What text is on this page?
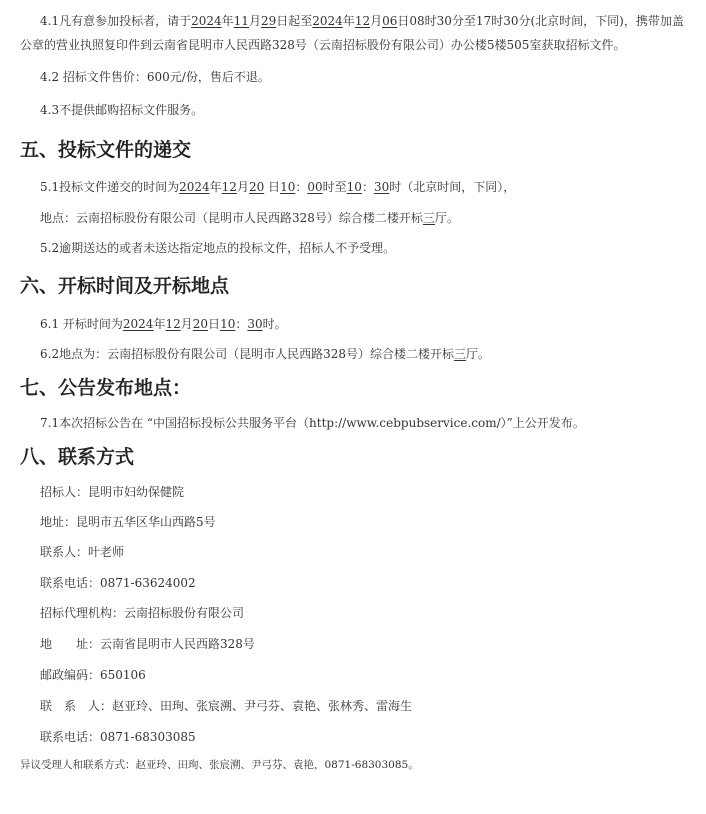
4.1凡有意参加投标者，请于2024年11月29日起至2024年12月06日08时30分至17时30分(北京时间，下同)，携带加盖公章的营业执照复印件到云南省昆明市人民西路328号（云南招标股份有限公司）办公楼5楼505室获取招标文件。

4.2 招标文件售价：600元/份，售后不退。

4.3不提供邮购招标文件服务。

五、投标文件的递交

5.1投标文件递交的时间为2024年12月20 日10：00时至10：30时（北京时间，下同），

地点：云南招标股份有限公司（昆明市人民西路328号）综合楼二楼开标三厅。

5.2逾期送达的或者未送达指定地点的投标文件，招标人不予受理。

六、开标时间及开标地点

6.1 开标时间为2024年12月20日10：30时。

6.2地点为：云南招标股份有限公司（昆明市人民西路328号）综合楼二楼开标三厅。

七、公告发布地点：

7.1本次招标公告在 “中国招标投标公共服务平台（http://www.cebpubservice.com/）”上公开发布。

八、联系方式

招标人：昆明市妇幼保健院

地址：昆明市五华区华山西路5号

联系人：叶老师

联系电话：0871-63624002

招标代理机构：云南招标股份有限公司

地　　址：云南省昆明市人民西路328号

邮政编码：650106

联　系　人：赵亚玲、田珣、张宸溯、尹弓芬、袁艳、张林秀、雷海生

联系电话：0871-68303085

异议受理人和联系方式：赵亚玲、田珣、张宸溯、尹弓芬、袁艳，0871-68303085。
